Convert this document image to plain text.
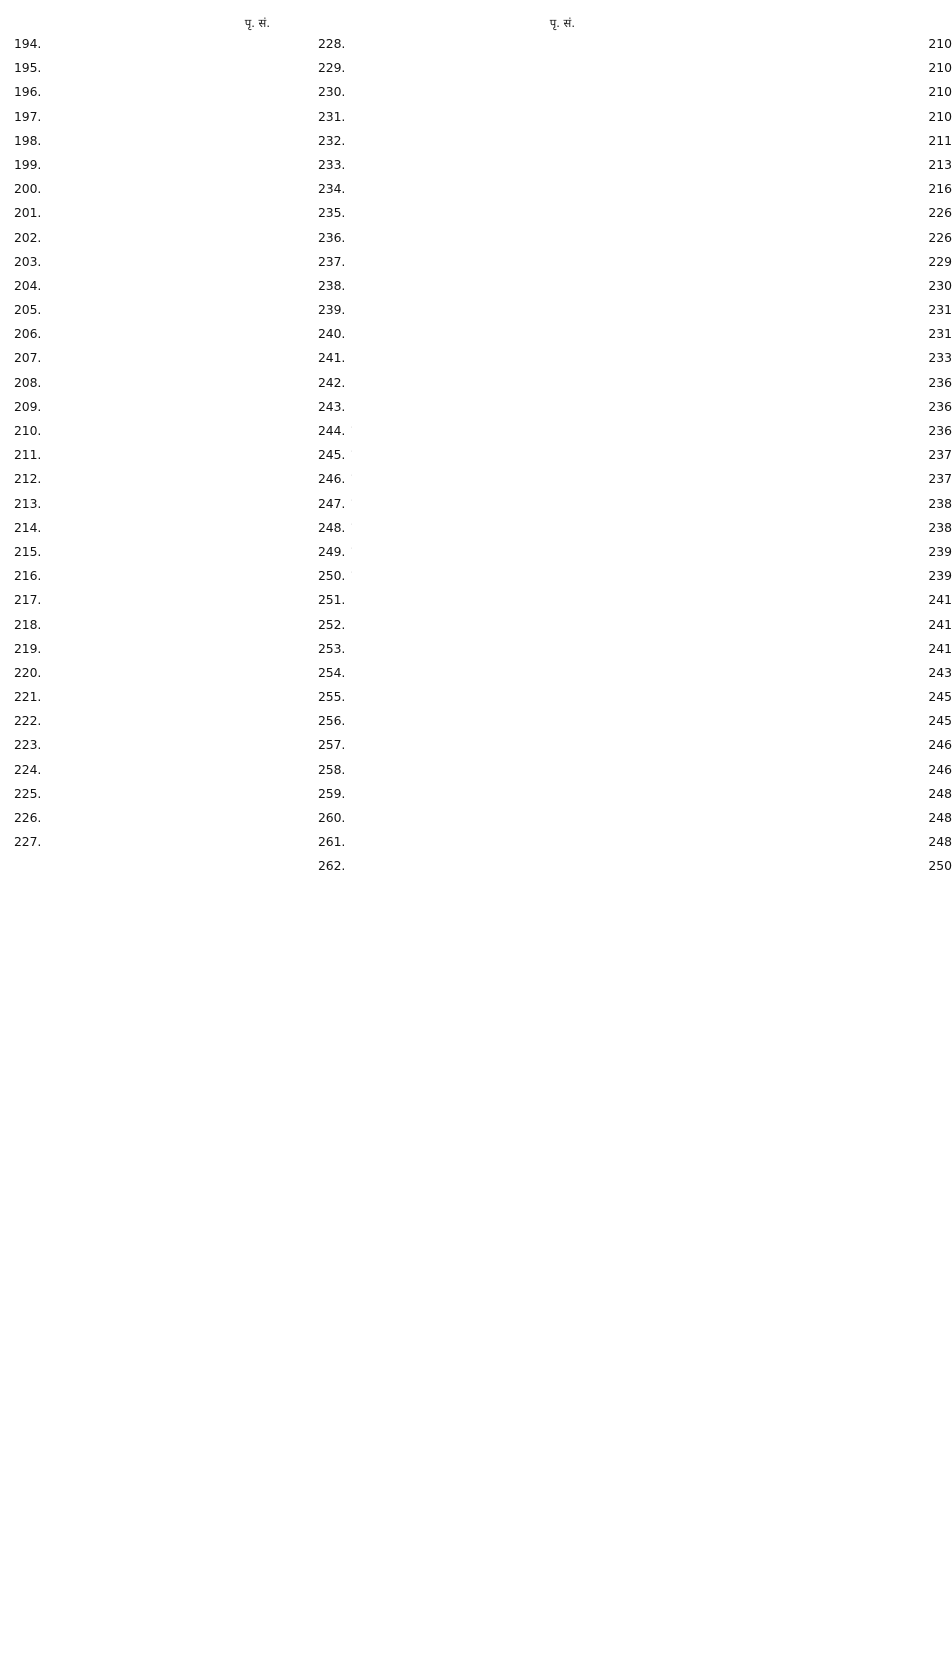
पृ. सं.
194.
195.
196.
197.
198.
199.
200.
201.
202.
203.
204.
205.
206.
207.
208.
209.
210.
211.
212.
213.
214.
215.
216.
217.
218.
219.
220.
221.
222.
223.
224.
225.
226.
227.
पृ. सं.
228.	210
229.	210
230.	210
231.	210
232.	211
233.	213
234.	216
235.	226
236.	226
237.	229
238.	230
239.	231
240.	231
241.	233
242.	236
243.	236
244.	236
245.	237
246.	237
247.	238
248.	238
249.	239
250.	239
251.	241
252.	241
253.	241
254.	243
255.	245
256.	245
257.	246
258.	246
259.	248
260.	248
261.	248
262.	250
